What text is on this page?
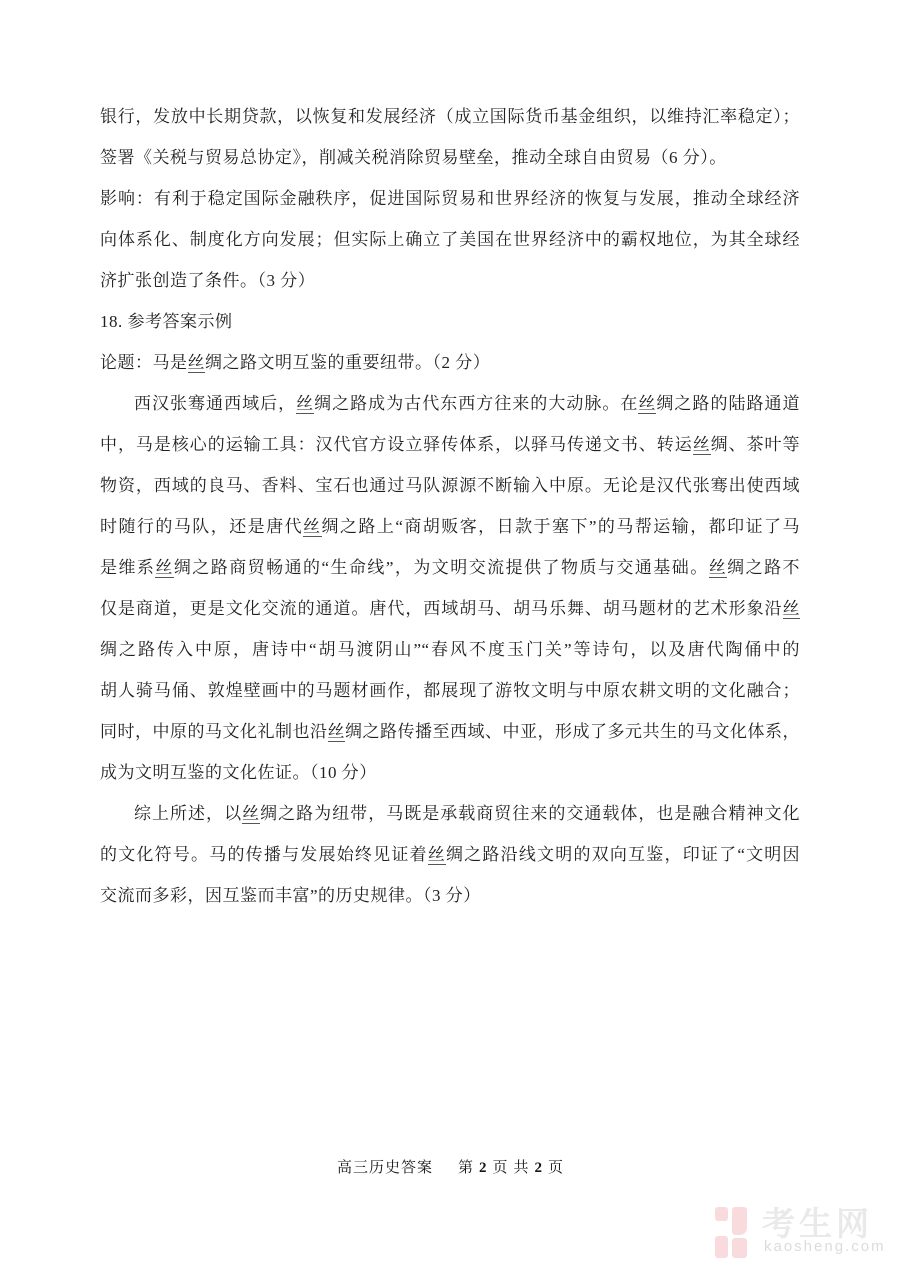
银行，发放中长期贷款，以恢复和发展经济（成立国际货币基金组织，以维持汇率稳定）；
签署《关税与贸易总协定》，削减关税消除贸易壁垒，推动全球自由贸易（6 分）。
影响：有利于稳定国际金融秩序，促进国际贸易和世界经济的恢复与发展，推动全球经济
向体系化、制度化方向发展；但实际上确立了美国在世界经济中的霸权地位，为其全球经
济扩张创造了条件。（3 分）
18. 参考答案示例
论题：马是丝绸之路文明互鉴的重要纽带。（2 分）
西汉张骞通西域后，丝绸之路成为古代东西方往来的大动脉。在丝绸之路的陆路通道
中，马是核心的运输工具：汉代官方设立驿传体系，以驿马传递文书、转运丝绸、茶叶等
物资，西域的良马、香料、宝石也通过马队源源不断输入中原。无论是汉代张骞出使西域
时随行的马队，还是唐代丝绸之路上“商胡贩客，日款于塞下”的马帮运输，都印证了马
是维系丝绸之路商贸畅通的“生命线”，为文明交流提供了物质与交通基础。丝绸之路不
仅是商道，更是文化交流的通道。唐代，西域胡马、胡马乐舞、胡马题材的艺术形象沿丝
绸之路传入中原，唐诗中“胡马渡阴山”“春风不度玉门关”等诗句，以及唐代陶俑中的
胡人骑马俑、敦煌壁画中的马题材画作，都展现了游牧文明与中原农耕文明的文化融合；
同时，中原的马文化礼制也沿丝绸之路传播至西域、中亚，形成了多元共生的马文化体系，
成为文明互鉴的文化佐证。（10 分）
综上所述，以丝绸之路为纽带，马既是承载商贸往来的交通载体，也是融合精神文化
的文化符号。马的传播与发展始终见证着丝绸之路沿线文明的双向互鉴，印证了“文明因
交流而多彩，因互鉴而丰富”的历史规律。（3 分）
高三历史答案 第 2 页 共 2 页
考生网
kaosheng.com
